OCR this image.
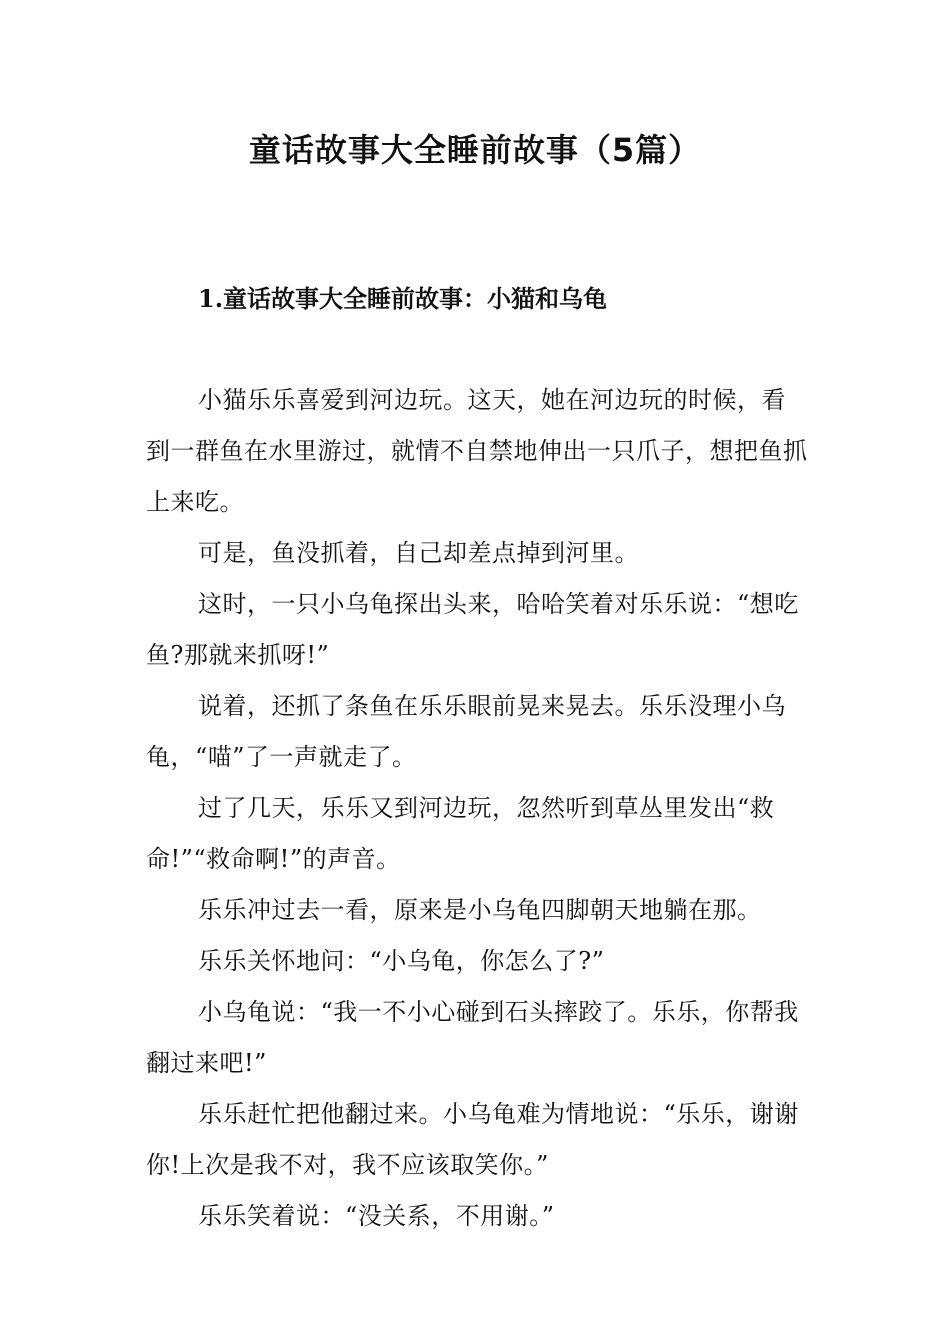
童话故事大全睡前故事（5篇）
1.童话故事大全睡前故事：小猫和乌龟

小猫乐乐喜爱到河边玩。这天，她在河边玩的时候，看到一群鱼在水里游过，就情不自禁地伸出一只爪子，想把鱼抓上来吃。

可是，鱼没抓着，自己却差点掉到河里。

这时，一只小乌龟探出头来，哈哈笑着对乐乐说：“想吃鱼?那就来抓呀!”

说着，还抓了条鱼在乐乐眼前晃来晃去。乐乐没理小乌龟，“喵”了一声就走了。

过了几天，乐乐又到河边玩，忽然听到草丛里发出“救命!”“救命啊!”的声音。

乐乐冲过去一看，原来是小乌龟四脚朝天地躺在那。

乐乐关怀地问：“小乌龟，你怎么了?”

小乌龟说：“我一不小心碰到石头摔跤了。乐乐，你帮我翻过来吧!”

乐乐赶忙把他翻过来。小乌龟难为情地说：“乐乐，谢谢你!上次是我不对，我不应该取笑你。”

乐乐笑着说：“没关系，不用谢。”
